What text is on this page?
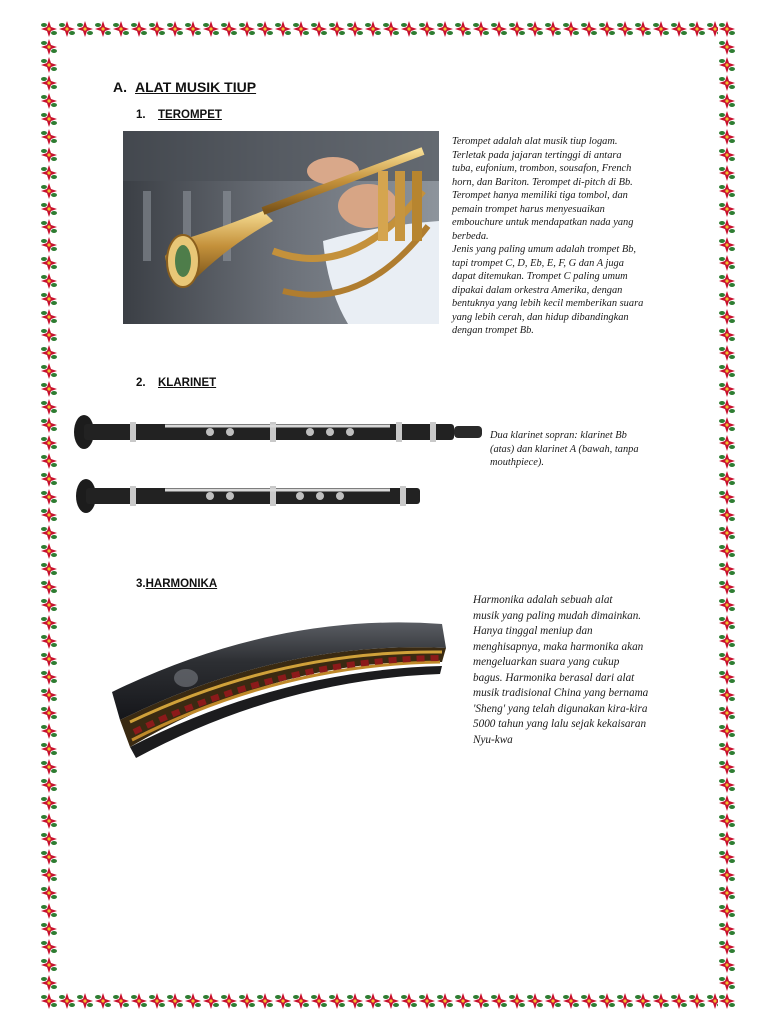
A. ALAT MUSIK TIUP
1. TEROMPET
Terompet adalah alat musik tiup logam.
Terletak pada jajaran tertinggi di antara
tuba, eufonium, trombon, sousafon, French
horn, dan Bariton. Terompet di-pitch di Bb.
Terompet hanya memiliki tiga tombol, dan
pemain trompet harus menyesuaikan
embouchure untuk mendapatkan nada yang
berbeda.
Jenis yang paling umum adalah trompet Bb,
tapi trompet C, D, Eb, E, F, G dan A juga
dapat ditemukan. Trompet C paling umum
dipakai dalam orkestra Amerika, dengan
bentuknya yang lebih kecil memberikan suara
yang lebih cerah, dan hidup dibandingkan
dengan trompet Bb.
2. KLARINET
Dua klarinet sopran: klarinet Bb
(atas) dan klarinet A (bawah, tanpa
mouthpiece).
3.HARMONIKA
Harmonika adalah sebuah alat
musik yang paling mudah dimainkan.
Hanya tinggal meniup dan
menghisapnya, maka harmonika akan
mengeluarkan suara yang cukup
bagus. Harmonika berasal dari alat
musik tradisional China yang bernama
'Sheng' yang telah digunakan kira-kira
5000 tahun yang lalu sejak kekaisaran
Nyu-kwa
